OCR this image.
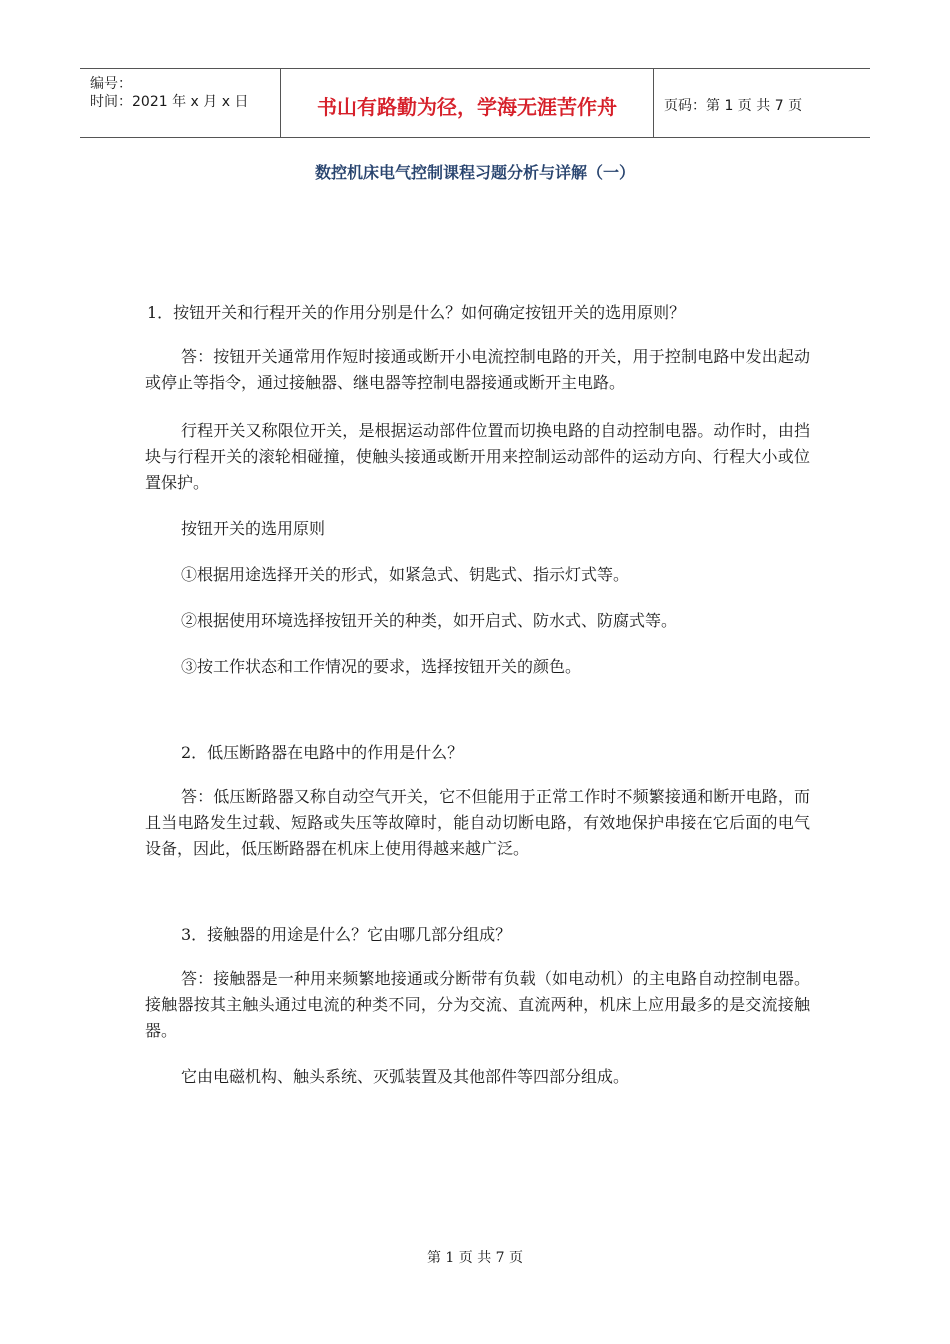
编号：
时间：2021 年 x 月 x 日	书山有路勤为径，学海无涯苦作舟	页码：第 1 页 共 7 页
数控机床电气控制课程习题分析与详解（一）
1．按钮开关和行程开关的作用分别是什么？如何确定按钮开关的选用原则？
答：按钮开关通常用作短时接通或断开小电流控制电路的开关，用于控制电路中发出起动或停止等指令，通过接触器、继电器等控制电器接通或断开主电路。
行程开关又称限位开关，是根据运动部件位置而切换电路的自动控制电器。动作时，由挡块与行程开关的滚轮相碰撞，使触头接通或断开用来控制运动部件的运动方向、行程大小或位置保护。
按钮开关的选用原则
①根据用途选择开关的形式，如紧急式、钥匙式、指示灯式等。
②根据使用环境选择按钮开关的种类，如开启式、防水式、防腐式等。
③按工作状态和工作情况的要求，选择按钮开关的颜色。
2．低压断路器在电路中的作用是什么？
答：低压断路器又称自动空气开关，它不但能用于正常工作时不频繁接通和断开电路，而且当电路发生过载、短路或失压等故障时，能自动切断电路，有效地保护串接在它后面的电气设备，因此，低压断路器在机床上使用得越来越广泛。
3．接触器的用途是什么？它由哪几部分组成？
答：接触器是一种用来频繁地接通或分断带有负载（如电动机）的主电路自动控制电器。接触器按其主触头通过电流的种类不同，分为交流、直流两种，机床上应用最多的是交流接触器。
它由电磁机构、触头系统、灭弧装置及其他部件等四部分组成。
第 1 页 共 7 页
